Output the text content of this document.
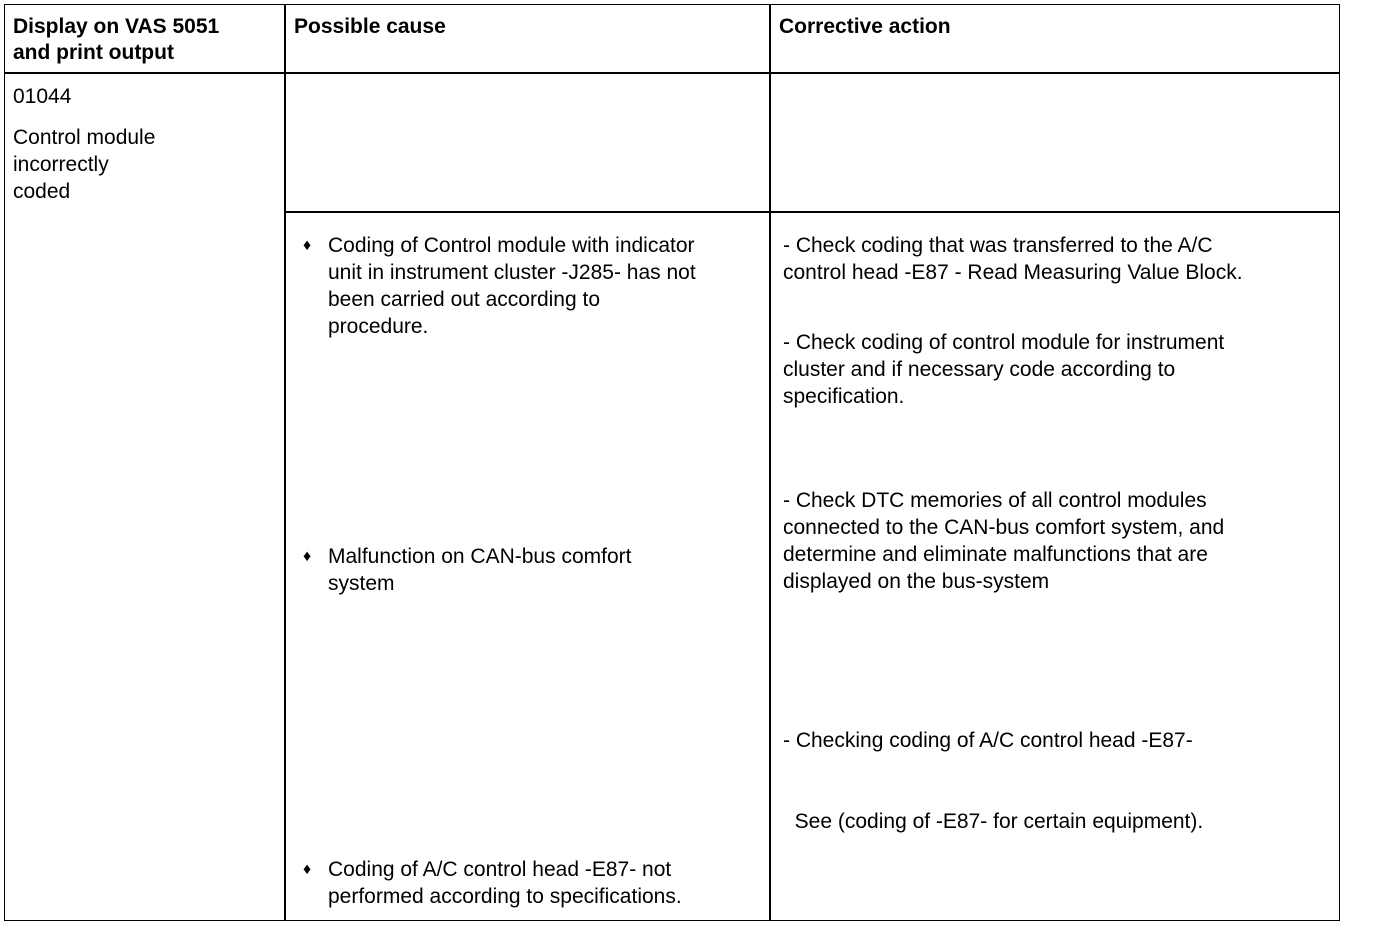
Display on VAS 5051
and print output
Possible cause	Corrective action
01044
Control module
incorrectly
coded
♦ Coding of Control module with indicator
unit in instrument cluster -J285- has not
been carried out according to
procedure.
♦ Malfunction on CAN-bus comfort
system
♦ Coding of A/C control head -E87- not
performed according to specifications.
- Check coding that was transferred to the A/C
control head -E87 - Read Measuring Value Block.
- Check coding of control module for instrument
cluster and if necessary code according to
specification.
- Check DTC memories of all control modules
connected to the CAN-bus comfort system, and
determine and eliminate malfunctions that are
displayed on the bus-system

- Checking coding of A/C control head -E87-

See (coding of -E87- for certain equipment).
